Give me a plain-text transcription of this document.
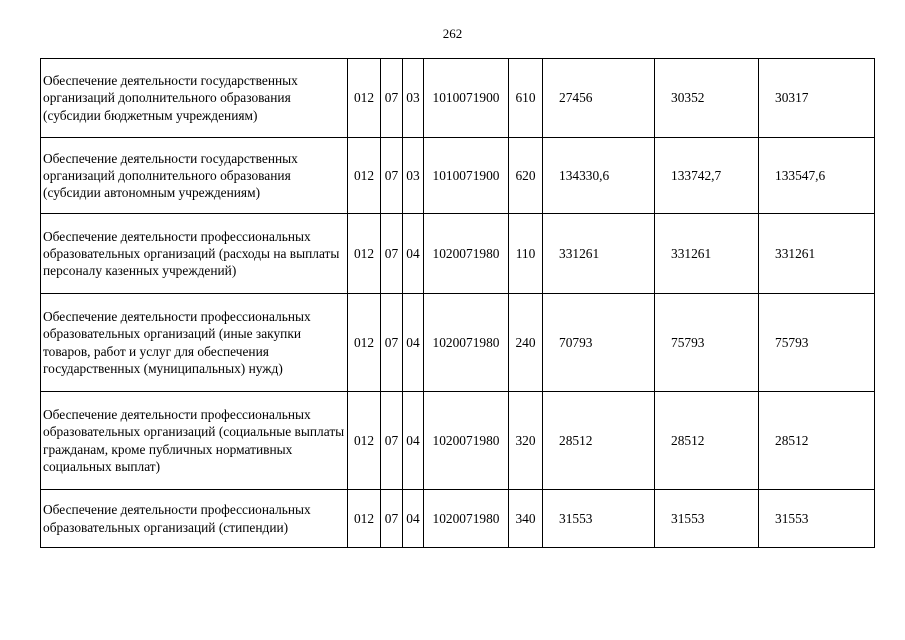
262
Обеспечение деятельности государственных организаций дополнительного образования (субсидии бюджетным учреждениям)	012	07	03	1010071900	610	27456	30352	30317
Обеспечение деятельности государственных организаций дополнительного образования (субсидии автономным учреждениям)	012	07	03	1010071900	620	134330,6	133742,7	133547,6
Обеспечение деятельности профессиональных образовательных организаций (расходы на выплаты персоналу казенных учреждений)	012	07	04	1020071980	110	331261	331261	331261
Обеспечение деятельности профессиональных образовательных организаций (иные закупки товаров, работ и услуг для обеспечения государственных (муниципальных) нужд)	012	07	04	1020071980	240	70793	75793	75793
Обеспечение деятельности профессиональных образовательных организаций (социальные выплаты гражданам, кроме публичных нормативных социальных выплат)	012	07	04	1020071980	320	28512	28512	28512
Обеспечение деятельности профессиональных образовательных организаций (стипендии)	012	07	04	1020071980	340	31553	31553	31553
